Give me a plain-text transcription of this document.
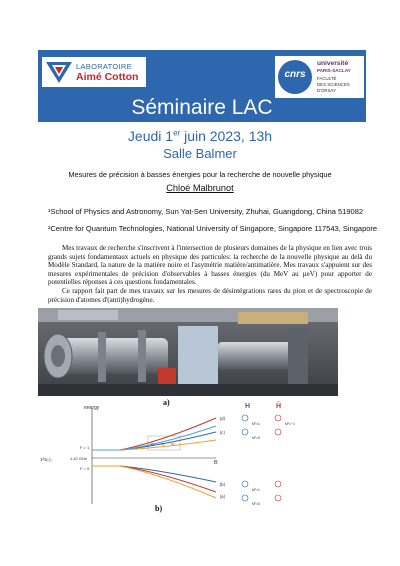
LABORATOIRE
Aimé Cotton	cnrs
université
PARIS-SACLAY
FACULTÉ
DES SCIENCES
D'ORSAY
Séminaire LAC
Jeudi 1er juin 2023, 13h
Salle Balmer
Mesures de précision à basses énergies pour la recherche de nouvelle physique
Chloé Malbrunot
¹School of Physics and Astronomy, Sun Yat-Sen University, Zhuhai, Guangdong, China 519082
²Centre for Quantum Technologies, National University of Singapore, Singapore 117543, Singapore

Mes travaux de recherche s'inscrivent à l'intersection de plusieurs domaines de la physique en lien avec trois grands sujets fondamentaux actuels en physique des particules: la recherche de la nouvelle physique au delà du Modèle Standard, la nature de la matière noire et l'asymétrie matière/antimatière. Mes travaux s'appuient sur des mesures expérimentales de précision d'observables à basses énergies (du MeV au µeV) pour apporter de potentielles réponses à ces questions fondamentales.

Ce rapport fait part de mes travaux sur les mesures de désintégrations rares du pion et de spectroscopie de précision d'atomes d'(anti)hydrogène.

a)
energy
B
1²S₁/₂
F = 1
F = 0
1.42 GHz
ν₁ ν₂ ν₃
|d⟩
|c⟩
|b⟩
|a⟩
H	H̄
Mᶠ=1	Mᶠ=−1
Mᶠ=0
Mᶠ=1
Mᶠ=0
b)
